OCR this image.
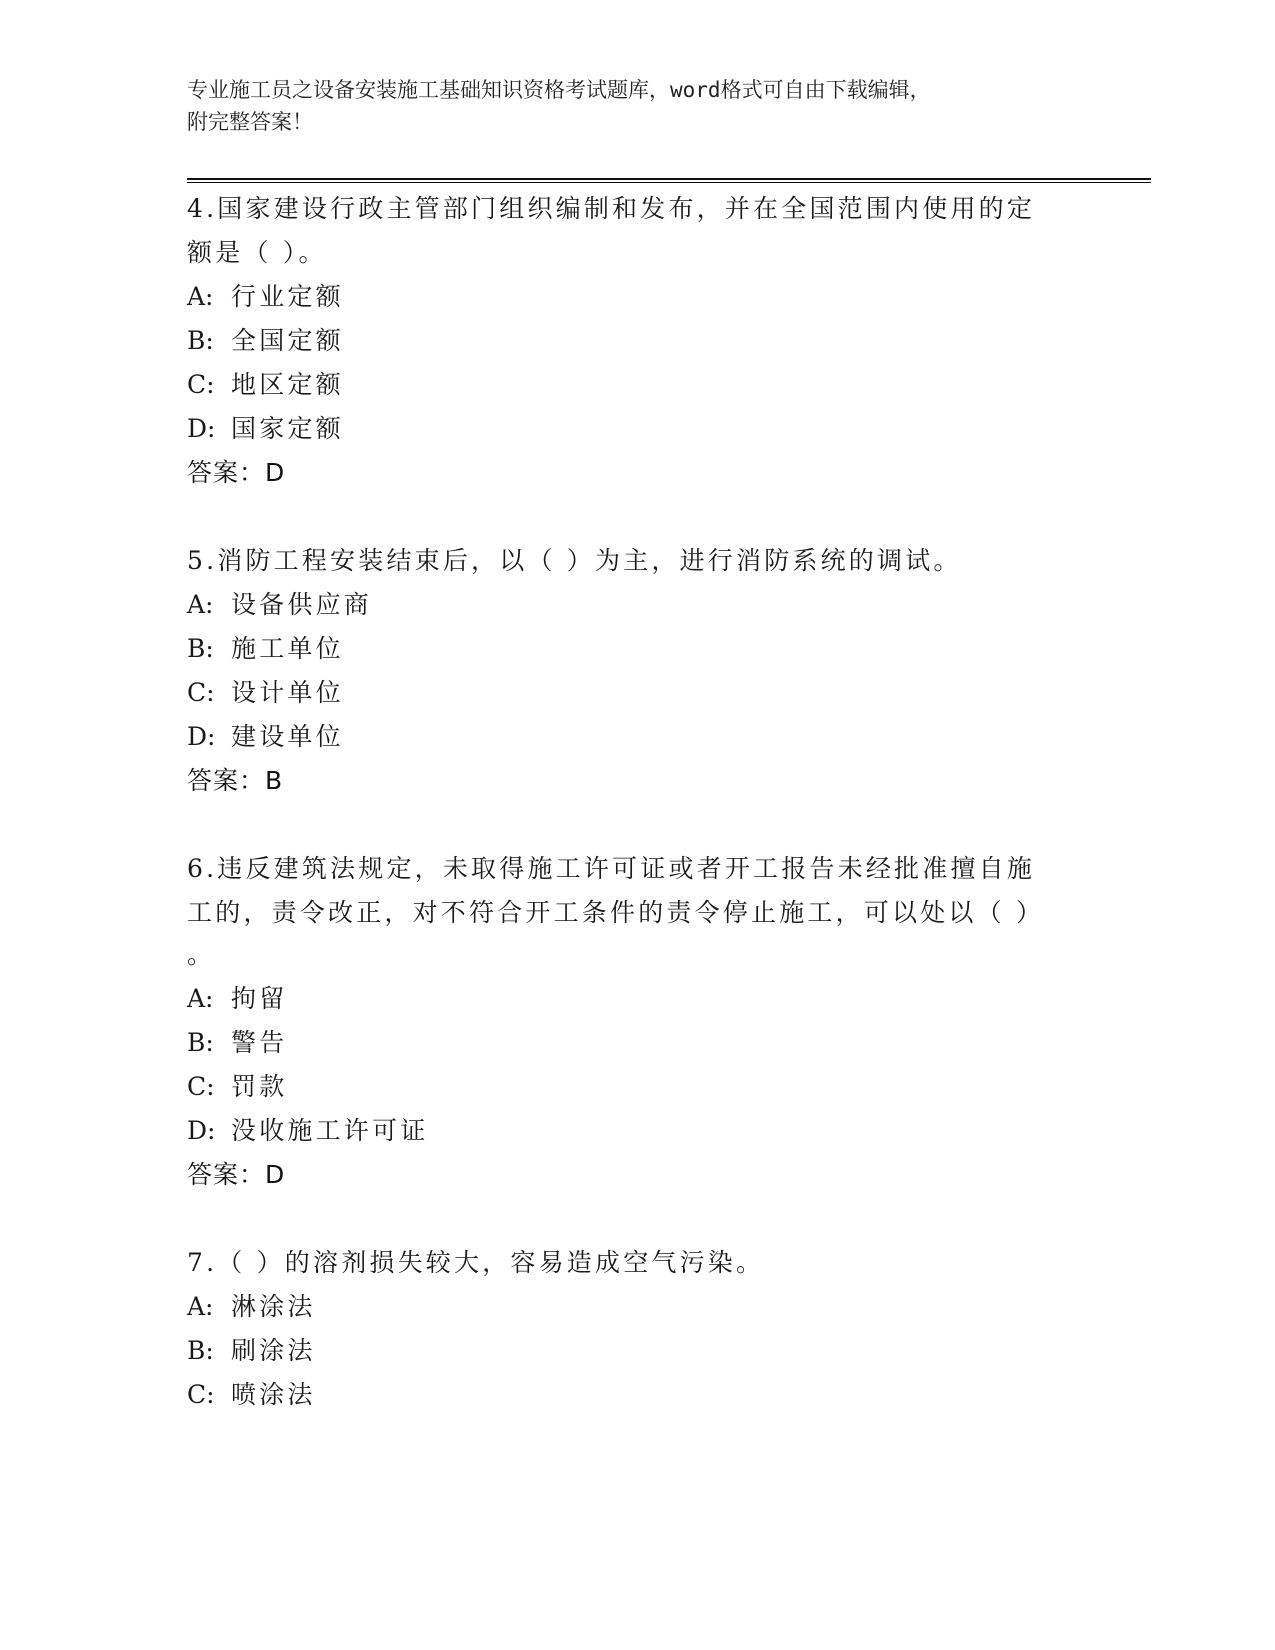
专业施工员之设备安装施工基础知识资格考试题库，word格式可自由下载编辑，
附完整答案！
4.国家建设行政主管部门组织编制和发布，并在全国范围内使用的定
额是（ ）。
A: 行业定额
B: 全国定额
C: 地区定额
D: 国家定额
答案：D
5.消防工程安装结束后，以（ ）为主，进行消防系统的调试。
A: 设备供应商
B: 施工单位
C: 设计单位
D: 建设单位
答案：B
6.违反建筑法规定，未取得施工许可证或者开工报告未经批准擅自施
工的，责令改正，对不符合开工条件的责令停止施工，可以处以（ ）
。
A: 拘留
B: 警告
C: 罚款
D: 没收施工许可证
答案：D
7.（ ）的溶剂损失较大，容易造成空气污染。
A: 淋涂法
B: 刷涂法
C: 喷涂法
